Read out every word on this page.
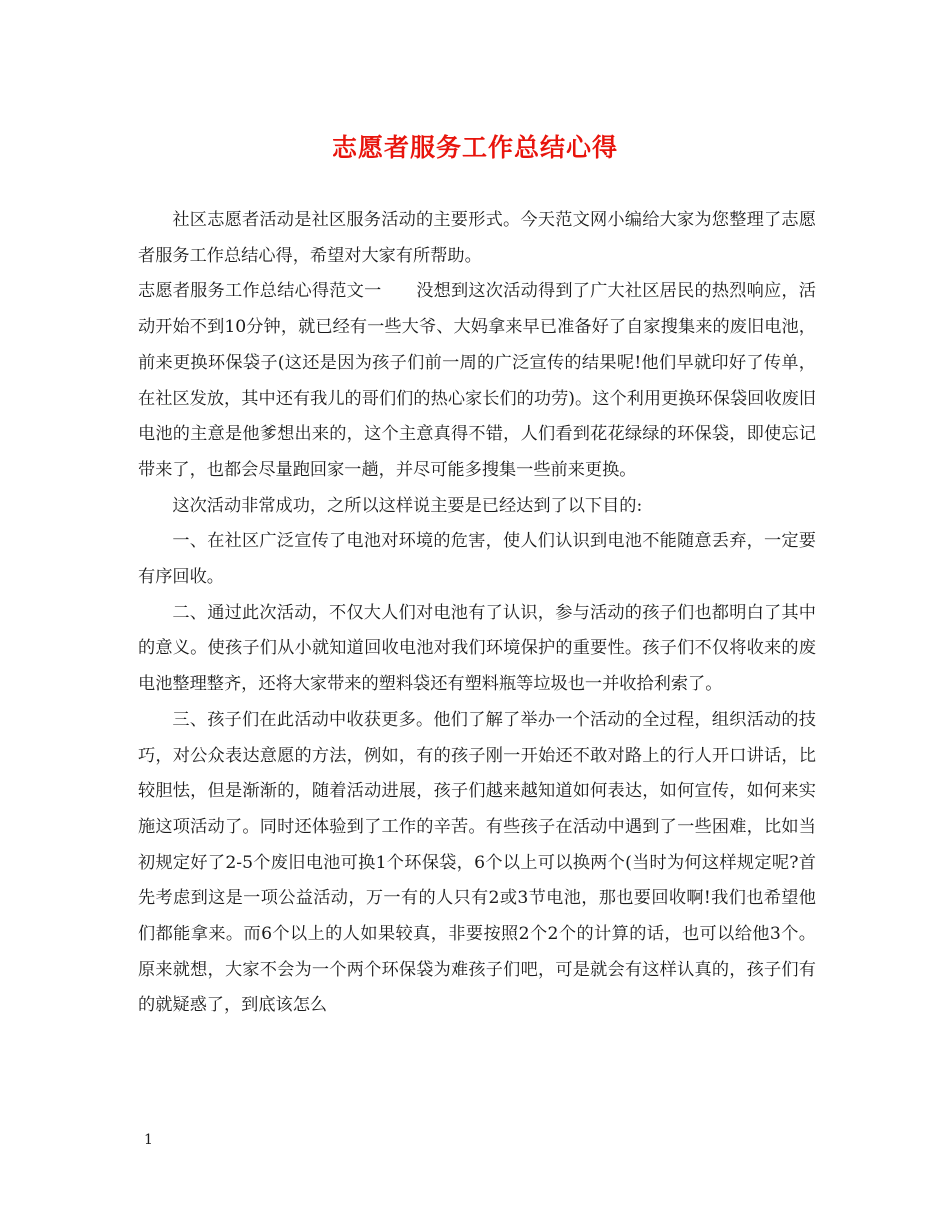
志愿者服务工作总结心得

社区志愿者活动是社区服务活动的主要形式。今天范文网小编给大家为您整理了志愿者服务工作总结心得，希望对大家有所帮助。

志愿者服务工作总结心得范文一　　没想到这次活动得到了广大社区居民的热烈响应，活动开始不到10分钟，就已经有一些大爷、大妈拿来早已准备好了自家搜集来的废旧电池，前来更换环保袋子(这还是因为孩子们前一周的广泛宣传的结果呢!他们早就印好了传单，在社区发放，其中还有我儿的哥们们的热心家长们的功劳)。这个利用更换环保袋回收废旧电池的主意是他爹想出来的，这个主意真得不错，人们看到花花绿绿的环保袋，即使忘记带来了，也都会尽量跑回家一趟，并尽可能多搜集一些前来更换。

这次活动非常成功，之所以这样说主要是已经达到了以下目的:

一、在社区广泛宣传了电池对环境的危害，使人们认识到电池不能随意丢弃，一定要有序回收。

二、通过此次活动，不仅大人们对电池有了认识，参与活动的孩子们也都明白了其中的意义。使孩子们从小就知道回收电池对我们环境保护的重要性。孩子们不仅将收来的废电池整理整齐，还将大家带来的塑料袋还有塑料瓶等垃圾也一并收拾利索了。

三、孩子们在此活动中收获更多。他们了解了举办一个活动的全过程，组织活动的技巧，对公众表达意愿的方法，例如，有的孩子刚一开始还不敢对路上的行人开口讲话，比较胆怯，但是渐渐的，随着活动进展，孩子们越来越知道如何表达，如何宣传，如何来实施这项活动了。同时还体验到了工作的辛苦。有些孩子在活动中遇到了一些困难，比如当初规定好了2-5个废旧电池可换1个环保袋，6个以上可以换两个(当时为何这样规定呢?首先考虑到这是一项公益活动，万一有的人只有2或3节电池，那也要回收啊!我们也希望他们都能拿来。而6个以上的人如果较真，非要按照2个2个的计算的话，也可以给他3个。原来就想，大家不会为一个两个环保袋为难孩子们吧，可是就会有这样认真的，孩子们有的就疑惑了，到底该怎么

1
